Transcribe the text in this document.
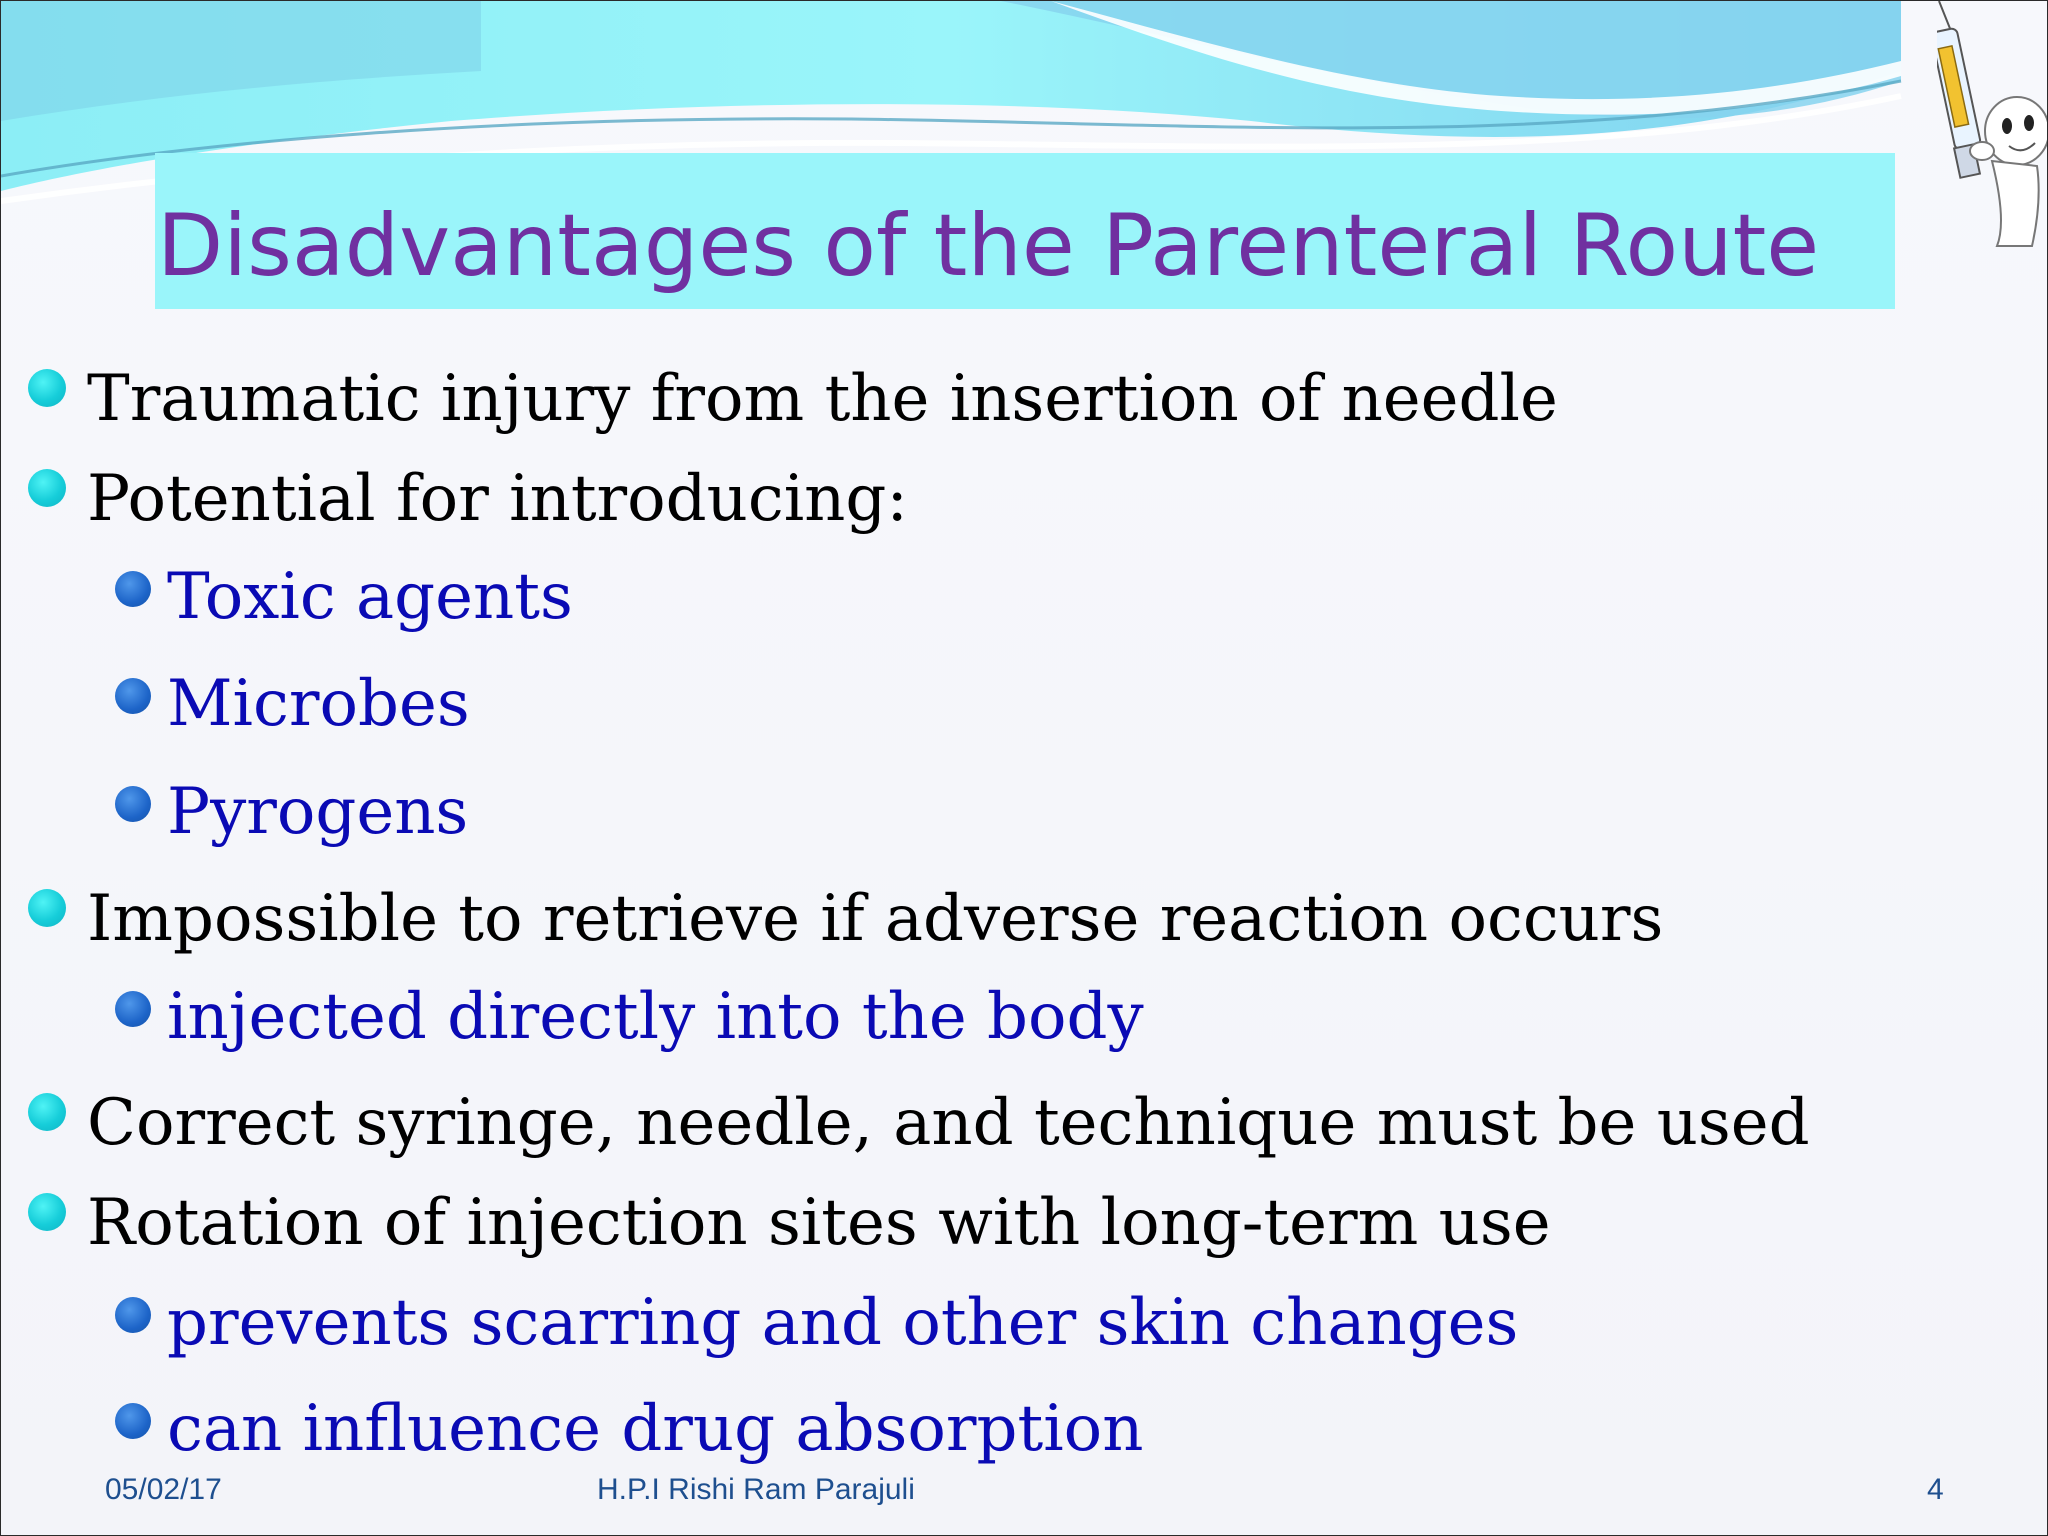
Disadvantages of the Parenteral Route
Traumatic injury from the insertion of needle
Potential for introducing:
Toxic agents
Microbes
Pyrogens
Impossible to retrieve if adverse reaction occurs
injected directly into the body
Correct syringe, needle, and technique must be used
Rotation of injection sites with long-term use
prevents scarring and other skin changes
can influence drug absorption
05/02/17	H.P.I Rishi Ram Parajuli	4
